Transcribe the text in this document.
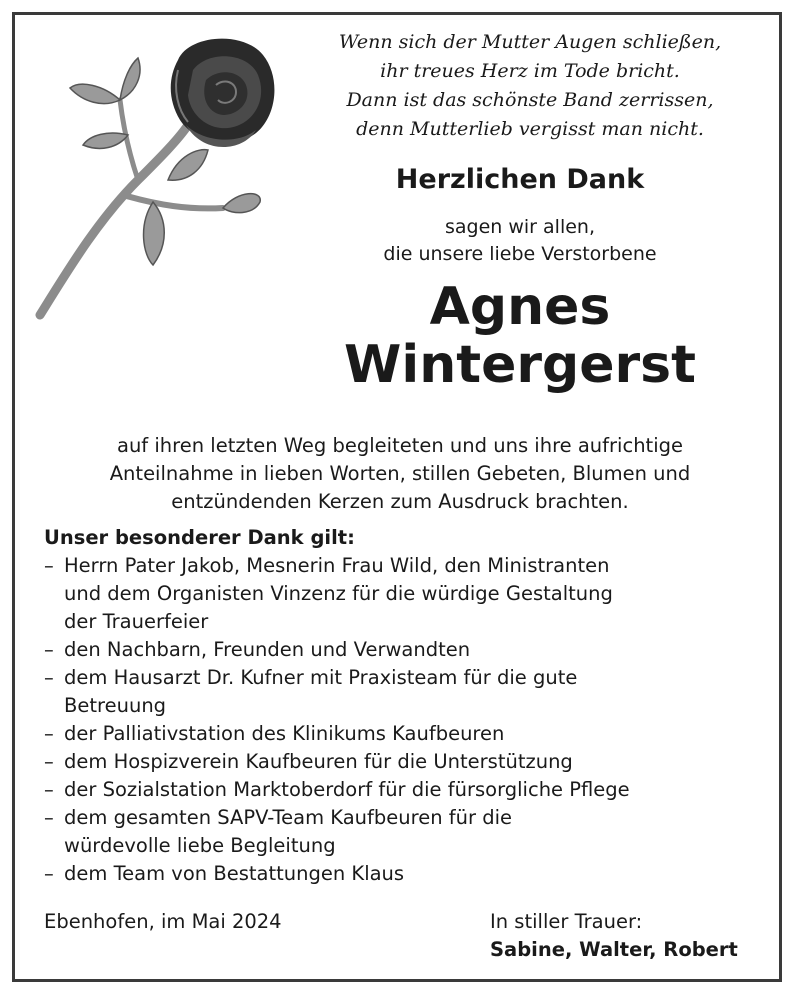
Wenn sich der Mutter Augen schließen,
ihr treues Herz im Tode bricht.
Dann ist das schönste Band zerrissen,
denn Mutterlieb vergisst man nicht.
Herzlichen Dank
sagen wir allen,
die unsere liebe Verstorbene
Agnes
Wintergerst
auf ihren letzten Weg begleiteten und uns ihre aufrichtige
Anteilnahme in lieben Worten, stillen Gebeten, Blumen und
entzündenden Kerzen zum Ausdruck brachten.
Unser besonderer Dank gilt:
– Herrn Pater Jakob, Mesnerin Frau Wild, den Ministranten
und dem Organisten Vinzenz für die würdige Gestaltung
der Trauerfeier
– den Nachbarn, Freunden und Verwandten
– dem Hausarzt Dr. Kufner mit Praxisteam für die gute
Betreuung
– der Palliativstation des Klinikums Kaufbeuren
– dem Hospizverein Kaufbeuren für die Unterstützung
– der Sozialstation Marktoberdorf für die fürsorgliche Pflege
– dem gesamten SAPV-Team Kaufbeuren für die
würdevolle liebe Begleitung
– dem Team von Bestattungen Klaus
Ebenhofen, im Mai 2024	In stiller Trauer:
Sabine, Walter, Robert
